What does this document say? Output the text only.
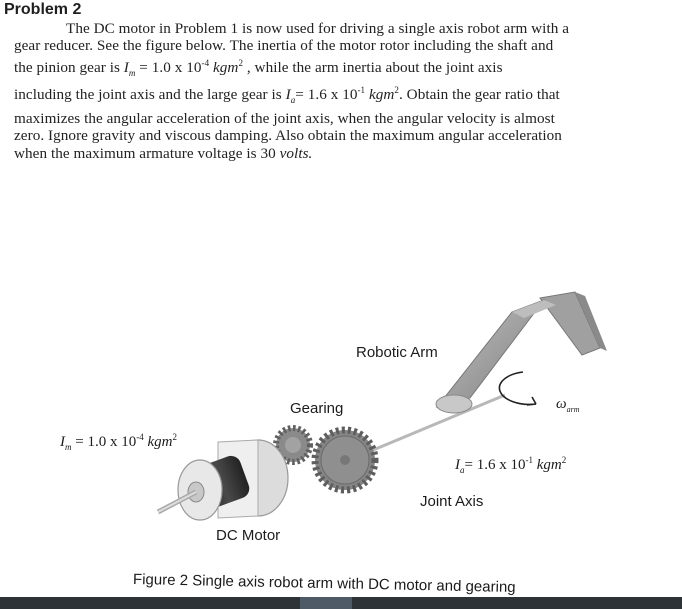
Problem 2
The DC motor in Problem 1 is now used for driving a single axis robot arm with a
gear reducer. See the figure below. The inertia of the motor rotor including the shaft and
the pinion gear is $I_m = 1.0$ x $10^{-4}$ kgm$^2$ , while the arm inertia about the joint axis
including the joint axis and the large gear is $I_a= 1.6$ x $10^{-1}$ kgm$^2$. Obtain the gear ratio that
maximizes the angular acceleration of the joint axis, when the angular velocity is almost
zero. Ignore gravity and viscous damping. Also obtain the maximum angular acceleration
when the maximum armature voltage is 30 volts.
Robotic Arm
Gearing
$I_m = 1.0$ x $10^{-4}$ kgm$^2$
$I_a= 1.6$ x $10^{-1}$ kgm$^2$
$\omega_{arm}$
Joint Axis
DC Motor
Figure 2 Single axis robot arm with DC motor and gearing
